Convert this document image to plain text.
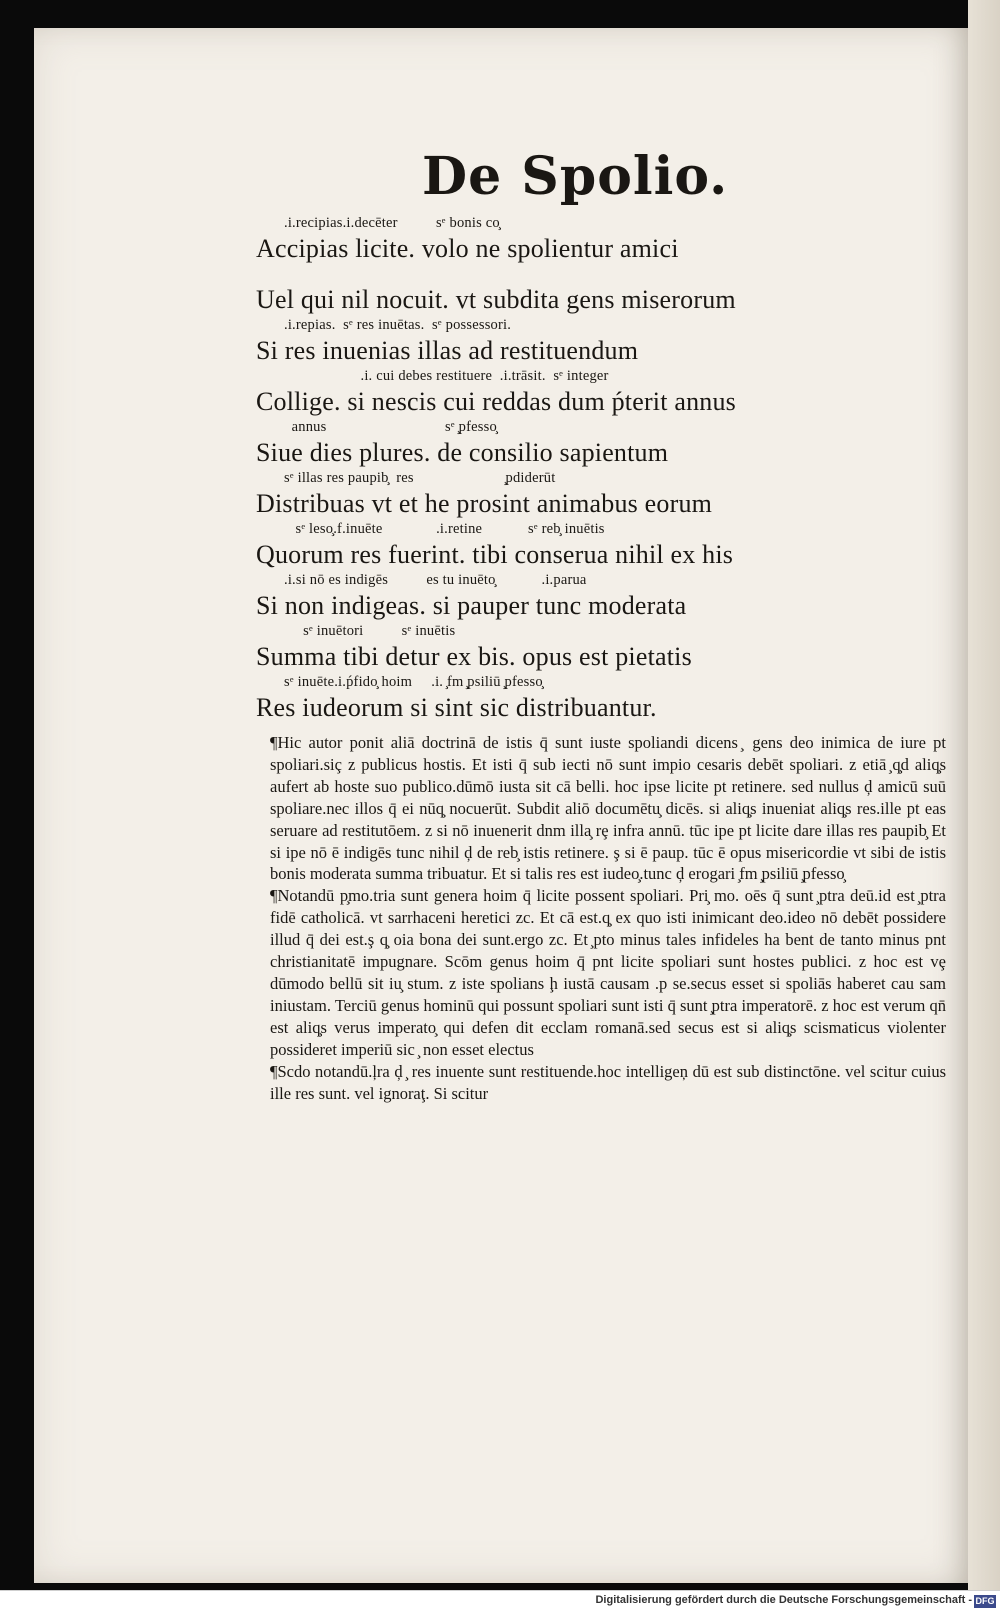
De Spolio.
.i.recipias.i.decēter          sᵉ bonis co̧
Accipias licite. volo ne spolientur amici
Uel qui nil nocuit. vt subdita gens miserorum
.i.repias.  sᵉ res inuētas.  sᵉ possessori.
Si res inuenias illas ad restituendum
.i. cui debes restituere  .i.trāsit.  sᵉ integer
Collige. si nescis cui reddas dum ṕterit annus
annus                               sᵉ ̧pfesso̧
Siue dies plures. de consilio sapientum
sᵉ illas res paupib̧  res                        ̧pdiderūt
Distribuas vt et he prosint animabus eorum
sᵉ leso̧.f.inuēte              .i.retine            sᵉ reb̧ inuētis
Quorum res fuerint. tibi conserua nihil ex his
.i.si nō es indigēs          es tu inuēto̧            .i.parua
Si non indigeas. si pauper tunc moderata
sᵉ inuētori          sᵉ inuētis
Summa tibi detur ex bis. opus est pietatis
sᵉ inuēte.i.ṕfido̧ hoim     .i. ̧fm ̧̧psiliū ̧pfesso̧
Res iudeorum si sint sic distribuantur.

¶Hic autor ponit aliā doctrinā de istis q̄ sunt iuste spoliandi dicens ̧ gens deo inimica de iure pt spoliari.siç z publicus hostis. Et isti q̄ sub iecti nō sunt impio cesaris debēt spoliari. z etiā ̧q̧d aliq̧s aufert ab hoste suo publico.dūmō iusta sit cā belli. hoc ipse licite pt retinere. sed nullus ḑ amicū suū spoliare.nec illos q̄ ei nūq̧ nocuerūt. Subdit aliō documētu̧ dicēs. si aliq̧s inueniat aliq̧s res.ille pt eas seruare ad restitutōem. z si nō inuenerit dnm illa̧ rȩ infra annū. tūc ipe pt licite dare illas res paupib̧ Et si ipe nō ē indigēs tunc nihil ḑ de reb̧ istis retinere. ş si ē paup. tūc ē opus misericordie vt sibi de istis bonis moderata summa tribuatur. Et si talis res est iudeo̧.tunc ḑ erogari ̧fm ̧psiliū ̧pfesso̧

¶Notandū p̧mo.tria sunt genera hoim q̄ licite possent spoliari. Pri̧ mo. oēs q̄ sunt ̧ptra deū.id est ̧ptra fidē catholicā. vt sarrhaceni heretici zc. Et cā est.q̧ ex quo isti inimicant deo.ideo nō debēt possidere illud q̄ dei est.ş q̧ oia bona dei sunt.ergo zc. Et ̧pto minus tales infideles ha bent de tanto minus pnt christianitatē impugnare. Scōm genus hoim q̄ pnt licite spoliari sunt hostes publici. z hoc est vȩ dūmodo bellū sit iu̧ stum. z iste spolians ḩ iustā causam .p se.secus esset si spoliās haberet cau sam iniustam. Terciū genus hominū qui possunt spoliari sunt isti q̄ sunt ̧ptra imperatorē. z hoc est verum qn̄ est aliq̧s verus imperato̧ qui defen dit ecclam romanā.sed secus est si aliq̧s scismaticus violenter possideret imperiū sic ̧ non esset electus

¶Scdo notandū.ļra ḑ ̧ res inuente sunt restituende.hoc intelligeņ dū est sub distinctōne. vel scitur cuius ille res sunt. vel ignoraţ. Si scitur

Digitalisierung gefördert durch die Deutsche Forschungsgemeinschaft - DFG
